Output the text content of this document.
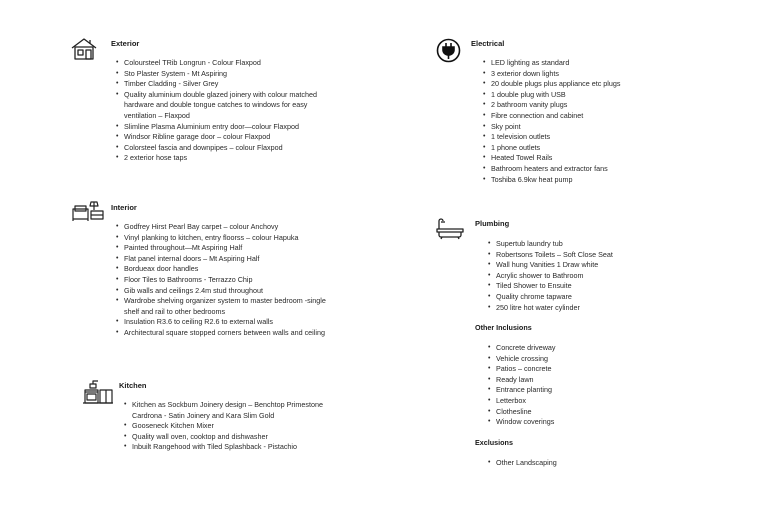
Exterior
• Coloursteel TRib Longrun - Colour Flaxpod
• Sto Plaster System - Mt Aspiring
• Timber Cladding - Silver Grey
• Quality aluminium double glazed joinery with colour matched hardware and double tongue catches to windows for easy ventilation – Flaxpod
• Slimline Plasma Aluminium entry door—colour Flaxpod
• Windsor Ribline garage door – colour Flaxpod
• Colorsteel fascia and downpipes – colour Flaxpod
• 2 exterior hose taps
Interior
• Godfrey Hirst Pearl Bay carpet – colour Anchovy
• Vinyl planking to kitchen, entry floorss – colour Hapuka
• Painted throughout—Mt Aspiring Half
• Flat panel internal doors – Mt Aspiring Half
• Bordueax door handles
• Floor Tiles to Bathrooms - Terrazzo Chip
• Gib walls and ceilings 2.4m stud throughout
• Wardrobe shelving organizer system to master bedroom -single shelf and rail to other bedrooms
• Insulation R3.6 to ceiling R2.6 to external walls
• Architectural square stopped corners between walls and ceiling
Kitchen
• Kitchen as Sockburn Joinery design – Benchtop Primestone Cardrona - Satin Joinery and Kara Slim Gold
• Gooseneck Kitchen Mixer
• Quality wall oven, cooktop and dishwasher
• Inbuilt Rangehood with Tiled Splashback - Pistachio
Electrical
• LED lighting as standard
• 3 exterior down lights
• 20 double plugs plus appliance etc plugs
• 1 double plug with USB
• 2 bathroom vanity plugs
• Fibre connection and cabinet
• Sky point
• 1 television outlets
• 1 phone outlets
• Heated Towel Rails
• Bathroom heaters and extractor fans
• Toshiba 6.9kw heat pump
Plumbing
• Supertub laundry tub
• Robertsons Toilets – Soft Close Seat
• Wall hung Vanities 1 Draw white
• Acrylic shower to Bathroom
• Tiled Shower to Ensuite
• Quality chrome tapware
• 250 litre hot water cylinder
Other Inclusions
• Concrete driveway
• Vehicle crossing
• Patios – concrete
• Ready lawn
• Entrance planting
• Letterbox
• Clothesline
• Window coverings
Exclusions
• Other Landscaping
